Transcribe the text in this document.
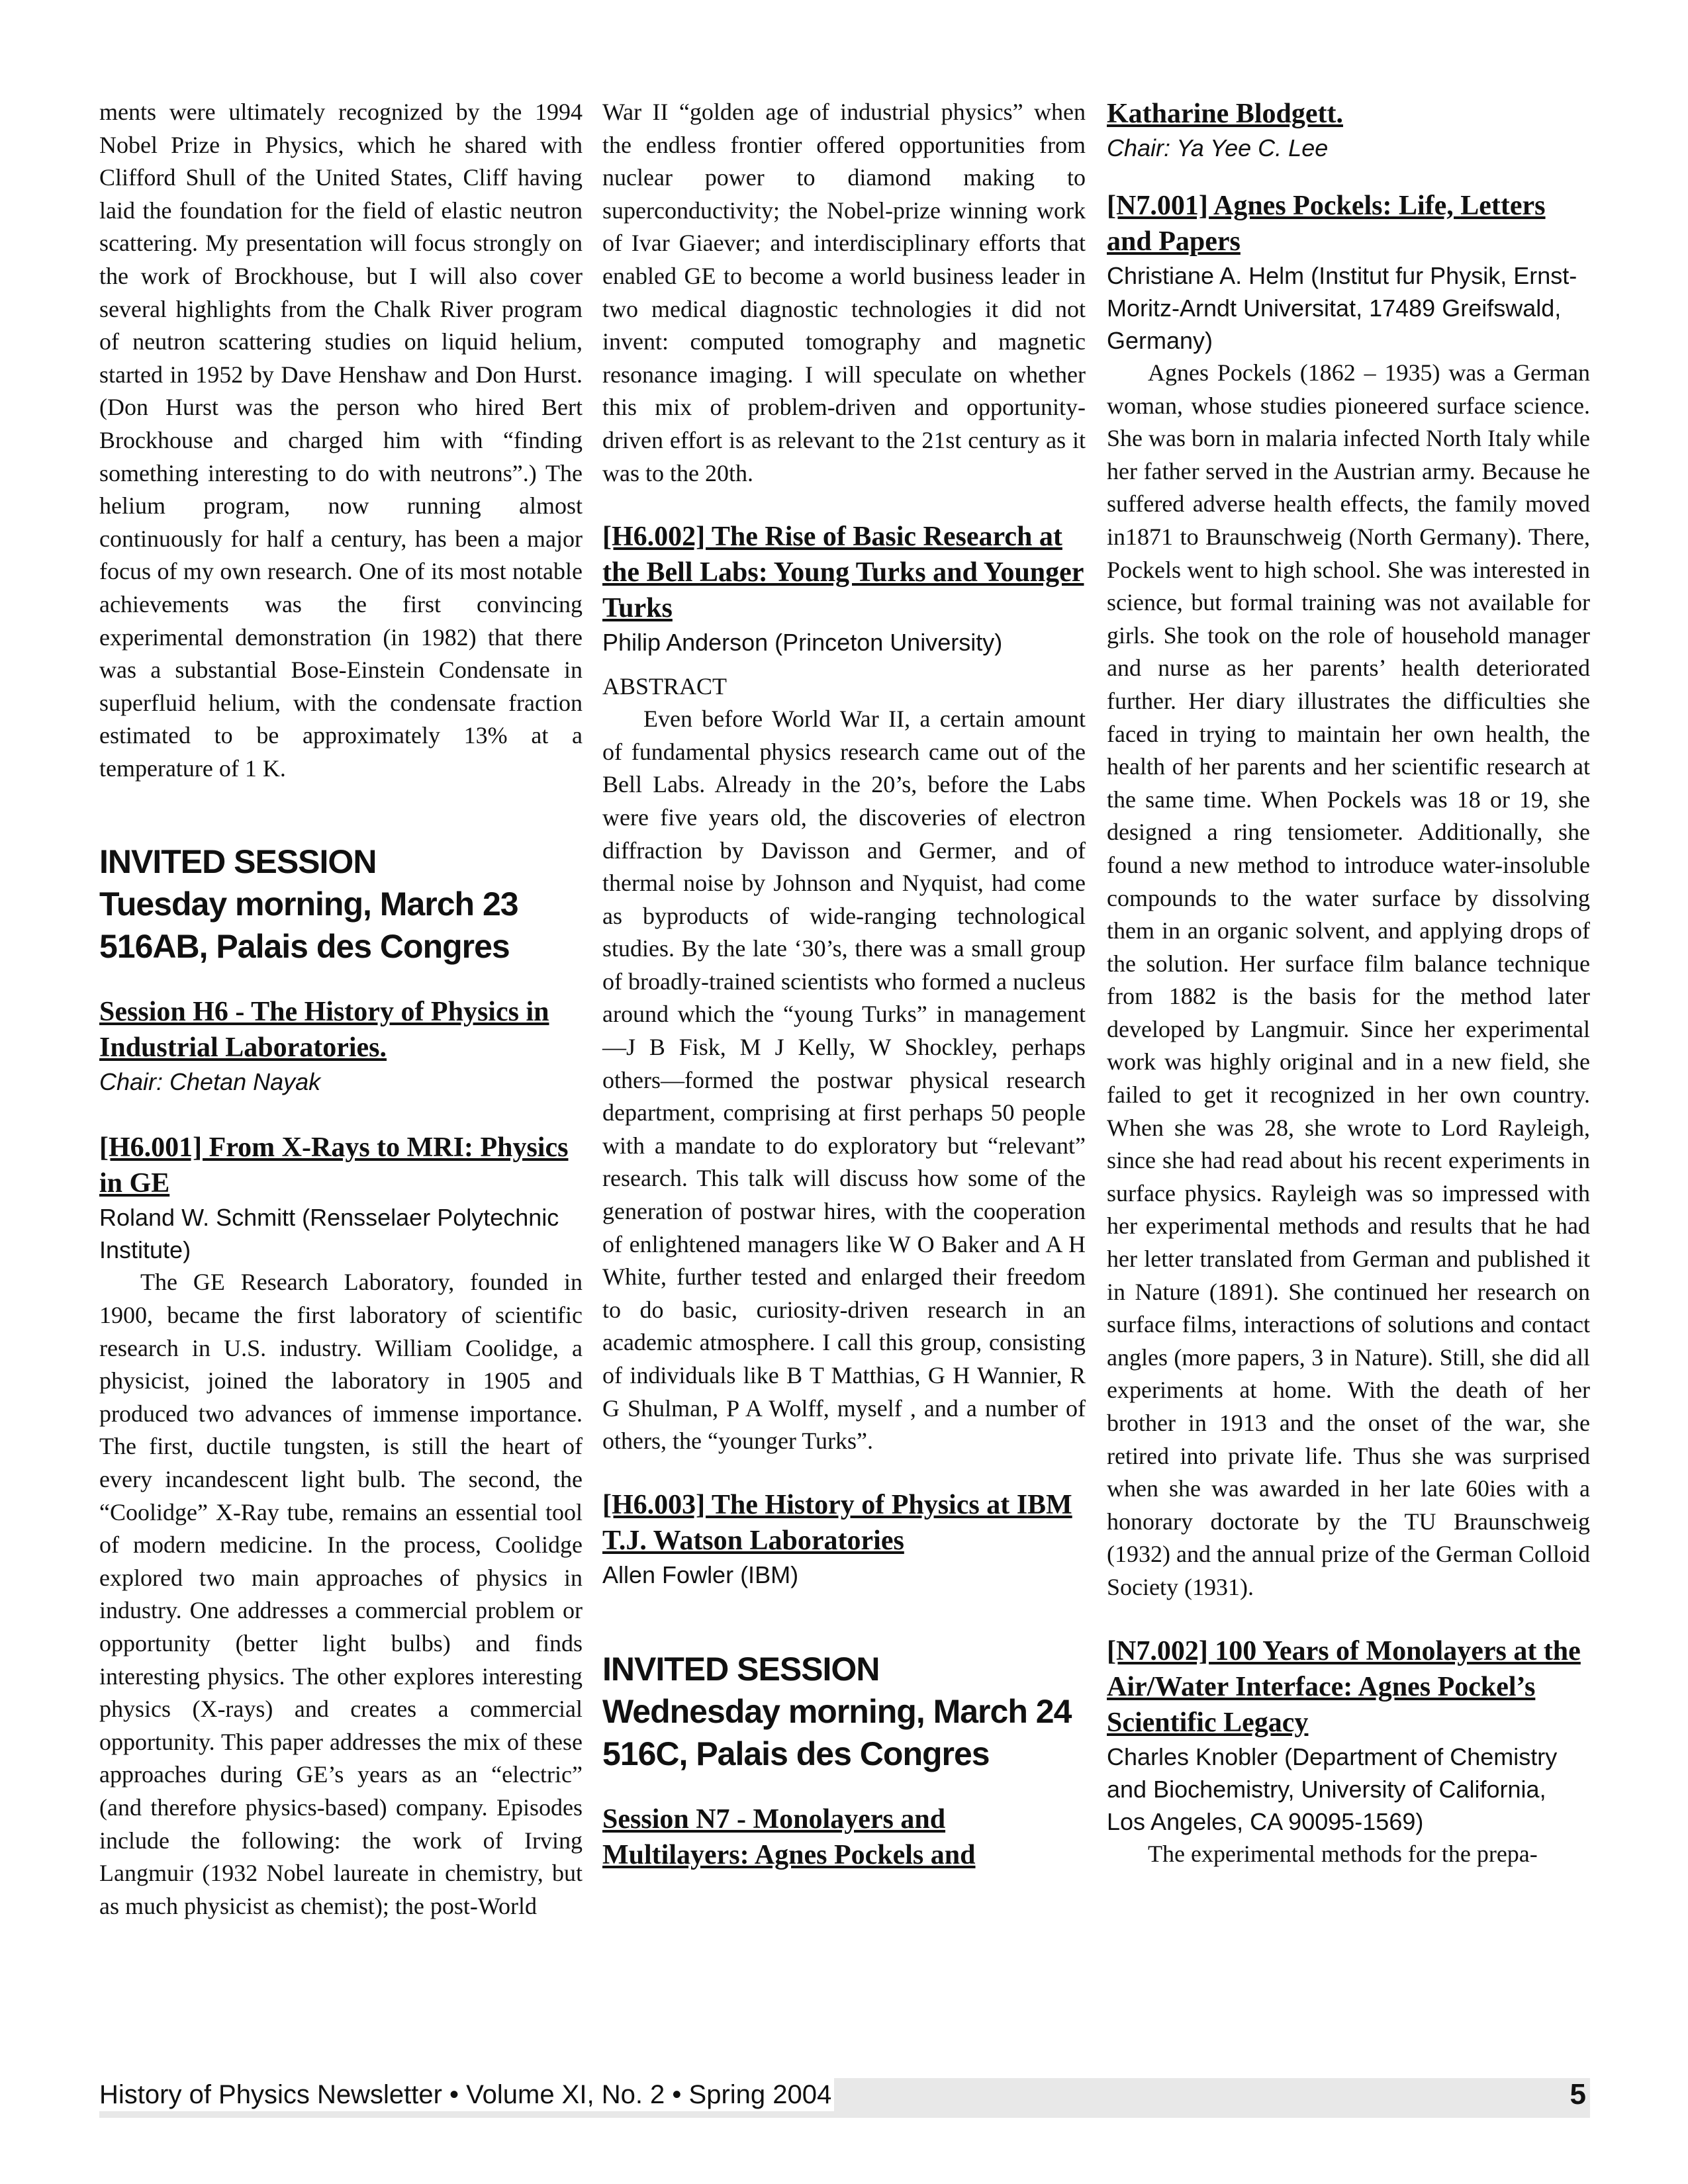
ments were ultimately recognized by the 1994 Nobel Prize in Physics, which he shared with Clifford Shull of the United States, Cliff having laid the foundation for the field of elastic neutron scattering. My presentation will focus strongly on the work of Brockhouse, but I will also cover several highlights from the Chalk River program of neutron scattering studies on liquid helium, started in 1952 by Dave Henshaw and Don Hurst. (Don Hurst was the person who hired Bert Brockhouse and charged him with “finding something interesting to do with neutrons”.) The helium program, now running almost continuously for half a century, has been a major focus of my own research. One of its most notable achievements was the first convincing experimental demonstration (in 1982) that there was a substantial Bose-Einstein Condensate in superfluid helium, with the condensate fraction estimated to be approximately 13% at a temperature of 1 K.

INVITED SESSION

Tuesday morning, March 23

516AB, Palais des Congres

Session H6 - The History of Physics in Industrial Laboratories.

Chair: Chetan Nayak

[H6.001] From X-Rays to MRI: Physics in GE

Roland W. Schmitt (Rensselaer Polytechnic Institute)

The GE Research Laboratory, founded in 1900, became the first laboratory of scientific research in U.S. industry. William Coolidge, a physicist, joined the laboratory in 1905 and produced two advances of immense importance. The first, ductile tungsten, is still the heart of every incandescent light bulb. The second, the “Coolidge” X-Ray tube, remains an essential tool of modern medicine. In the process, Coolidge explored two main approaches of physics in industry. One addresses a commercial problem or opportunity (better light bulbs) and finds interesting physics. The other explores interesting physics (X-rays) and creates a commercial opportunity. This paper addresses the mix of these approaches during GE’s years as an “electric” (and therefore physics-based) company. Episodes include the following: the work of Irving Langmuir (1932 Nobel laureate in chemistry, but as much physicist as chemist); the post-World

War II “golden age of industrial physics” when the endless frontier offered opportunities from nuclear power to diamond making to superconductivity; the Nobel-prize winning work of Ivar Giaever; and interdisciplinary efforts that enabled GE to become a world business leader in two medical diagnostic technologies it did not invent: computed tomography and magnetic resonance imaging. I will speculate on whether this mix of problem-driven and opportunity-driven effort is as relevant to the 21st century as it was to the 20th.

[H6.002] The Rise of Basic Research at the Bell Labs: Young Turks and Younger Turks

Philip Anderson (Princeton University)

ABSTRACT

Even before World War II, a certain amount of fundamental physics research came out of the Bell Labs. Already in the 20’s, before the Labs were five years old, the discoveries of electron diffraction by Davisson and Germer, and of thermal noise by Johnson and Nyquist, had come as byproducts of wide-ranging technological studies. By the late ‘30’s, there was a small group of broadly-trained scientists who formed a nucleus around which the “young Turks” in management —J B Fisk, M J Kelly, W Shockley, perhaps others—formed the postwar physical research department, comprising at first perhaps 50 people with a mandate to do exploratory but “relevant” research. This talk will discuss how some of the generation of postwar hires, with the cooperation of enlightened managers like W O Baker and A H White, further tested and enlarged their freedom to do basic, curiosity-driven research in an academic atmosphere. I call this group, consisting of individuals like B T Matthias, G H Wannier, R G Shulman, P A Wolff, myself , and a number of others, the “younger Turks”.

[H6.003] The History of Physics at IBM T.J. Watson Laboratories

Allen Fowler (IBM)

INVITED SESSION

Wednesday morning, March 24

516C, Palais des Congres

Session N7 - Monolayers and Multilayers: Agnes Pockels and

Katharine Blodgett.

Chair: Ya Yee C. Lee

[N7.001] Agnes Pockels: Life, Letters and Papers

Christiane A. Helm (Institut fur Physik, Ernst-Moritz-Arndt Universitat, 17489 Greifswald, Germany)

Agnes Pockels (1862 – 1935) was a German woman, whose studies pioneered surface science. She was born in malaria infected North Italy while her father served in the Austrian army. Because he suffered adverse health effects, the family moved in1871 to Braunschweig (North Germany). There, Pockels went to high school. She was interested in science, but formal training was not available for girls. She took on the role of household manager and nurse as her parents’ health deteriorated further. Her diary illustrates the difficulties she faced in trying to maintain her own health, the health of her parents and her scientific research at the same time. When Pockels was 18 or 19, she designed a ring tensiometer. Additionally, she found a new method to introduce water-insoluble compounds to the water surface by dissolving them in an organic solvent, and applying drops of the solution. Her surface film balance technique from 1882 is the basis for the method later developed by Langmuir. Since her experimental work was highly original and in a new field, she failed to get it recognized in her own country. When she was 28, she wrote to Lord Rayleigh, since she had read about his recent experiments in surface physics. Rayleigh was so impressed with her experimental methods and results that he had her letter translated from German and published it in Nature (1891). She continued her research on surface films, interactions of solutions and contact angles (more papers, 3 in Nature). Still, she did all experiments at home. With the death of her brother in 1913 and the onset of the war, she retired into private life. Thus she was surprised when she was awarded in her late 60ies with a honorary doctorate by the TU Braunschweig (1932) and the annual prize of the German Colloid Society (1931).

[N7.002] 100 Years of Monolayers at the Air/Water Interface: Agnes Pockel’s Scientific Legacy

Charles Knobler (Department of Chemistry and Biochemistry, University of California, Los Angeles, CA 90095-1569)

The experimental methods for the prepa-

History of Physics Newsletter • Volume XI, No. 2 • Spring 2004	5
